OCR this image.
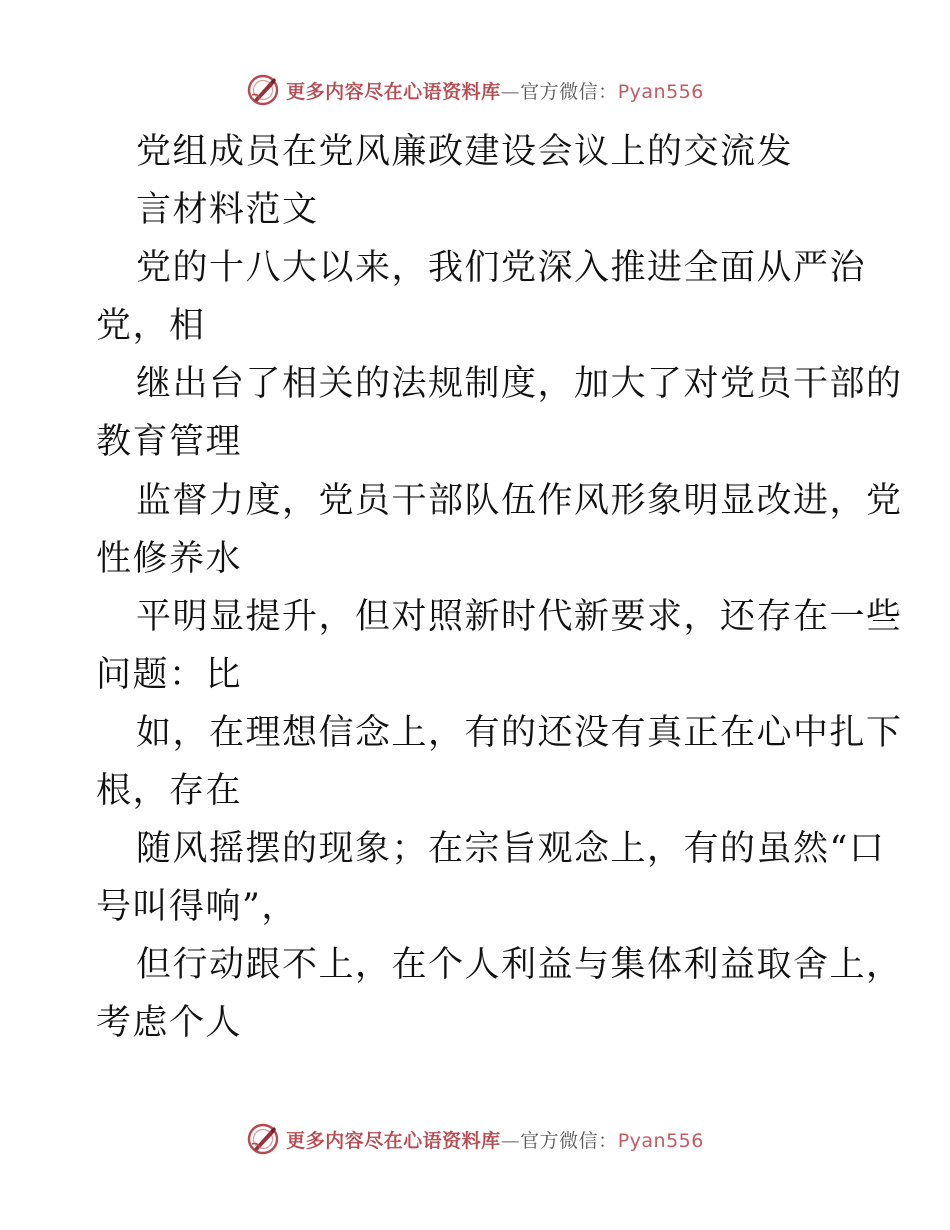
更多内容尽在心语资料库—官方微信：Pyan556
党组成员在党风廉政建设会议上的交流发
言材料范文
党的十八大以来，我们党深入推进全面从严治
党，相
继出台了相关的法规制度，加大了对党员干部的
教育管理
监督力度，党员干部队伍作风形象明显改进，党
性修养水
平明显提升，但对照新时代新要求，还存在一些
问题：比
如，在理想信念上，有的还没有真正在心中扎下
根，存在
随风摇摆的现象；在宗旨观念上，有的虽然“口
号叫得响”，
但行动跟不上，在个人利益与集体利益取舍上，
考虑个人
更多内容尽在心语资料库—官方微信：Pyan556
